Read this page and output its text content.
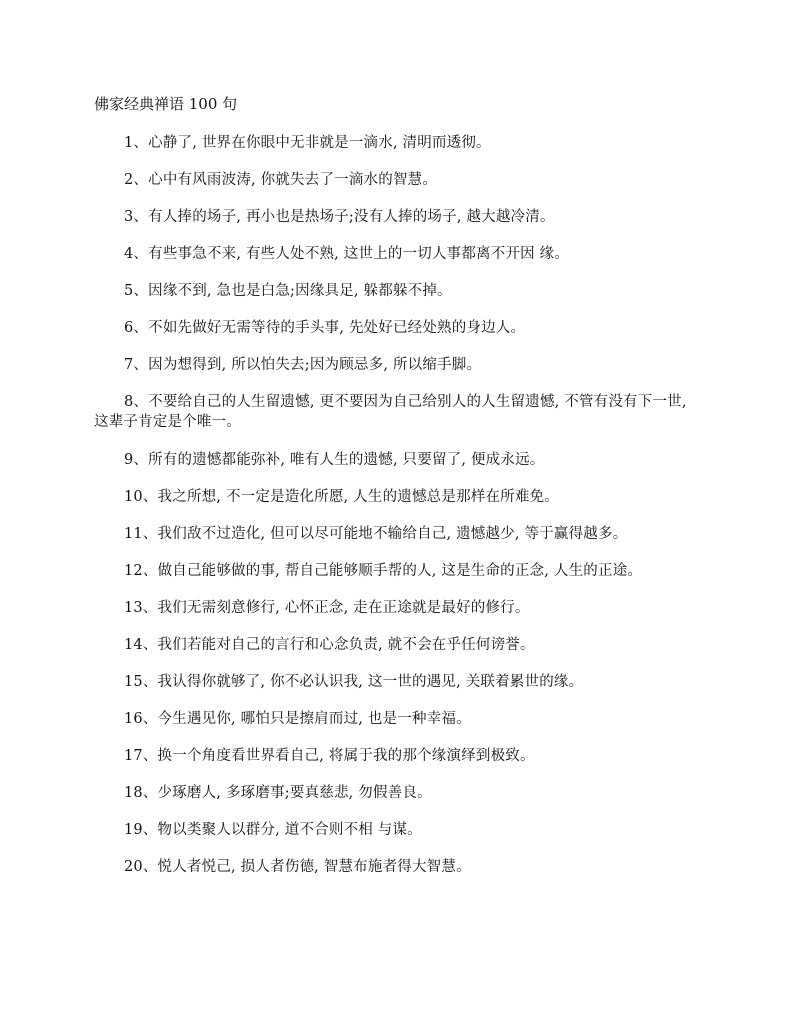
佛家经典禅语 100 句

1、心静了, 世界在你眼中无非就是一滴水, 清明而透彻。

2、心中有风雨波涛, 你就失去了一滴水的智慧。

3、有人捧的场子, 再小也是热场子;没有人捧的场子, 越大越冷清。

4、有些事急不来, 有些人处不熟, 这世上的一切人事都离不开因 缘。

5、因缘不到, 急也是白急;因缘具足, 躲都躲不掉。

6、不如先做好无需等待的手头事, 先处好已经处熟的身边人。

7、因为想得到, 所以怕失去;因为顾忌多, 所以缩手脚。

8、不要给自己的人生留遗憾, 更不要因为自己给别人的人生留遗憾, 不管有没有下一世, 这辈子肯定是个唯一。

9、所有的遗憾都能弥补, 唯有人生的遗憾, 只要留了, 便成永远。

10、我之所想, 不一定是造化所愿, 人生的遗憾总是那样在所难免。

11、我们敌不过造化, 但可以尽可能地不输给自己, 遗憾越少, 等于赢得越多。

12、做自己能够做的事, 帮自己能够顺手帮的人, 这是生命的正念, 人生的正途。

13、我们无需刻意修行, 心怀正念, 走在正途就是最好的修行。

14、我们若能对自己的言行和心念负责, 就不会在乎任何谤誉。

15、我认得你就够了, 你不必认识我, 这一世的遇见, 关联着累世的缘。

16、今生遇见你, 哪怕只是擦肩而过, 也是一种幸福。

17、换一个角度看世界看自己, 将属于我的那个缘演绎到极致。

18、少琢磨人, 多琢磨事;要真慈悲, 勿假善良。

19、物以类聚人以群分, 道不合则不相 与谋。

20、悦人者悦己, 损人者伤德, 智慧布施者得大智慧。
